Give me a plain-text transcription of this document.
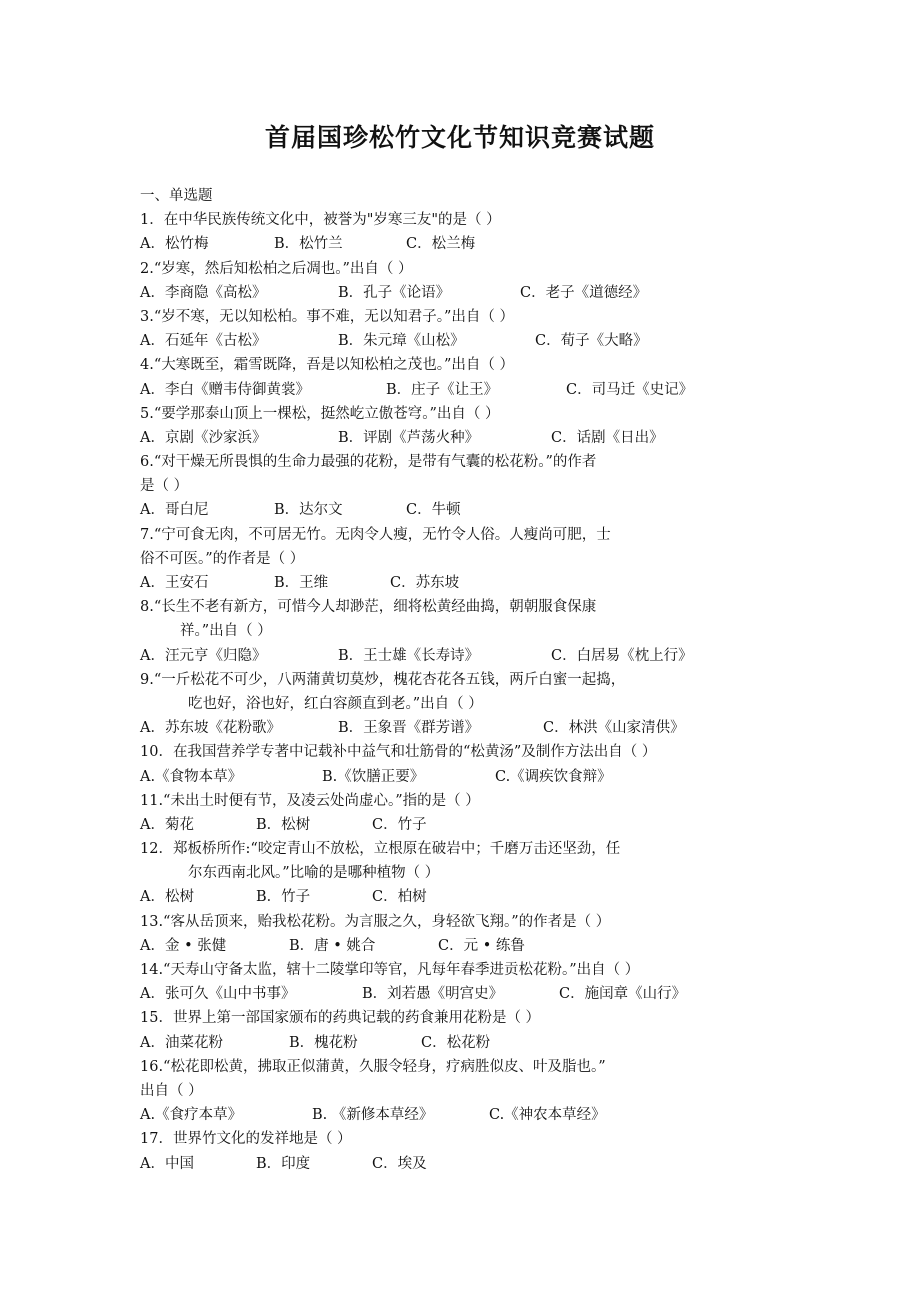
首届国珍松竹文化节知识竞赛试题
一、单选题
1．在中华民族传统文化中，被誉为"岁寒三友"的是（ ）
A．松竹梅	B．松竹兰	C．松兰梅
2.“岁寒，然后知松柏之后凋也。”出自（ ）
A．李商隐《高松》	B．孔子《论语》	C．老子《道德经》
3.“岁不寒，无以知松柏。事不难，无以知君子。”出自（ ）
A．石延年《古松》	B．朱元璋《山松》	C．荀子《大略》
4.“大寒既至，霜雪既降，吾是以知松柏之茂也。”出自（ ）
A．李白《赠韦侍御黄裳》	B．庄子《让王》	C．司马迁《史记》
5.“要学那泰山顶上一棵松，挺然屹立傲苍穹。”出自（ ）
A．京剧《沙家浜》	B．评剧《芦荡火种》	C．话剧《日出》
6.“对干燥无所畏惧的生命力最强的花粉，是带有气囊的松花粉。”的作者
是（ ）
A．哥白尼	B．达尔文	C．牛顿
7.“宁可食无肉，不可居无竹。无肉令人瘦，无竹令人俗。人瘦尚可肥，士
俗不可医。”的作者是（ ）
A．王安石	B．王维	C．苏东坡
8.“长生不老有新方，可惜今人却渺茫，细将松黄经曲捣，朝朝服食保康
祥。”出自（ ）
A．汪元亨《归隐》	B．王士雄《长寿诗》	C．白居易《枕上行》
9.“一斤松花不可少，八两蒲黄切莫炒，槐花杏花各五钱，两斤白蜜一起捣，
吃也好，浴也好，红白容颜直到老。”出自（ ）
A．苏东坡《花粉歌》	B．王象晋《群芳谱》	C．林洪《山家清供》
10．在我国营养学专著中记载补中益气和壮筋骨的“松黄汤”及制作方法出自（ ）
A.《食物本草》	B.《饮膳正要》	C.《调疾饮食辩》
11.“未出土时便有节，及凌云处尚虚心。”指的是（ ）
A．菊花	B．松树	C．竹子
12．郑板桥所作:“咬定青山不放松，立根原在破岩中；千磨万击还坚劲，任
尔东西南北风。”比喻的是哪种植物（ ）
A．松树	B．竹子	C．柏树
13.“客从岳顶来，贻我松花粉。为言服之久，身轻欲飞翔。”的作者是（ ）
A．金 • 张健	B．唐 • 姚合	C．元 • 练鲁
14.“天寿山守备太监，辖十二陵掌印等官，凡每年春季进贡松花粉。”出自（ ）
A．张可久《山中书事》	B．刘若愚《明宫史》	C．施闰章《山行》
15．世界上第一部国家颁布的药典记载的药食兼用花粉是（ ）
A．油菜花粉	B．槐花粉	C．松花粉
16.“松花即松黄，拂取正似蒲黄，久服令轻身，疗病胜似皮、叶及脂也。”
出自（ ）
A.《食疗本草》	B. 《新修本草经》	C.《神农本草经》
17．世界竹文化的发祥地是（ ）
A．中国	B．印度	C．埃及
